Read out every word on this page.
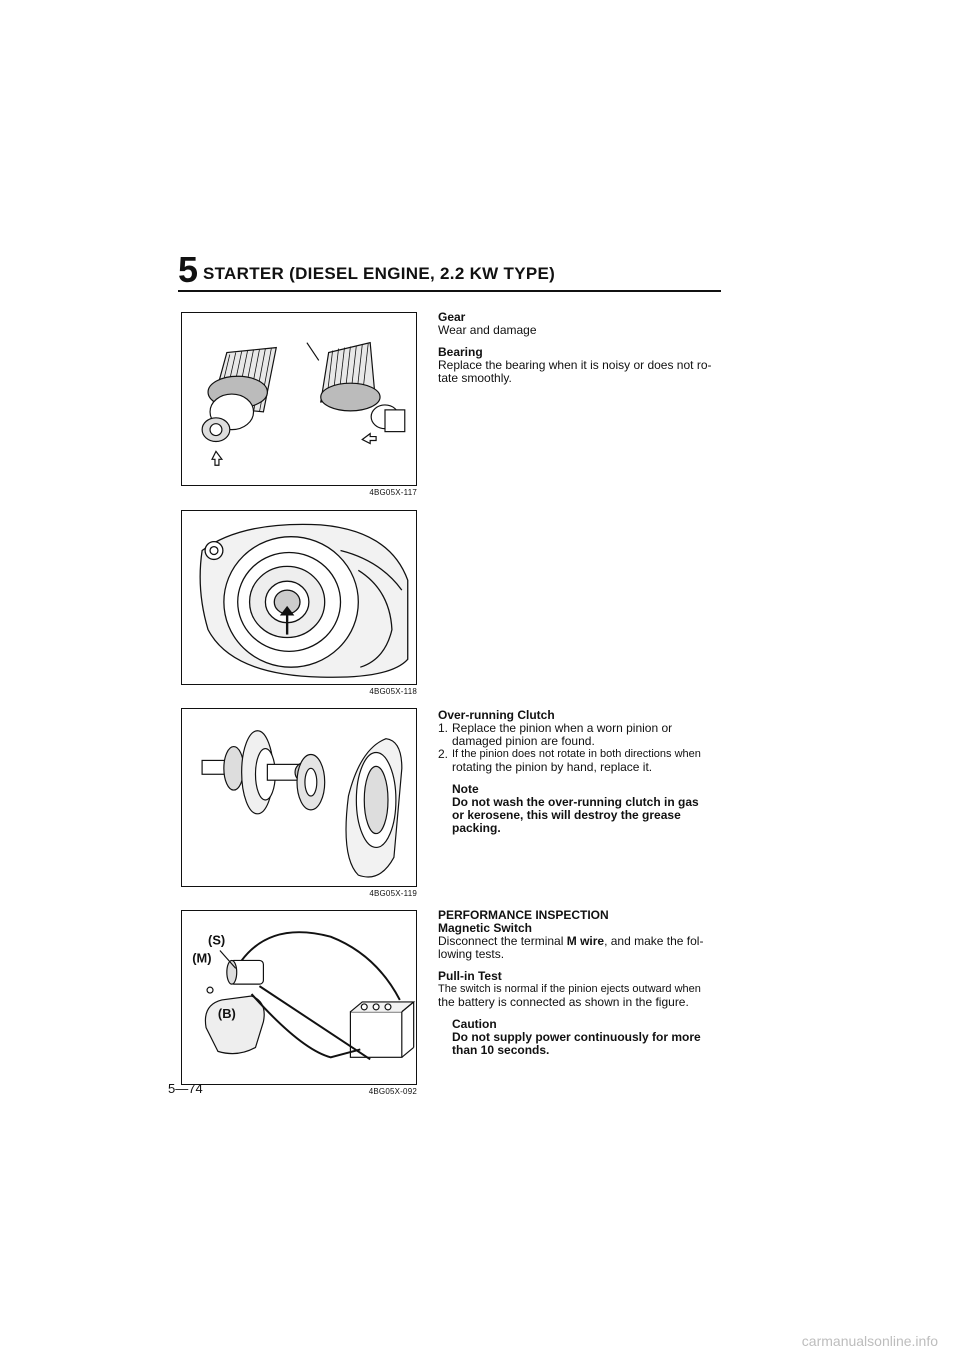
5 STARTER (DIESEL ENGINE, 2.2 KW TYPE)
4BG05X-117
4BG05X-118
4BG05X-119
(S)
(M)
(B)
4BG05X-092

Gear

Wear and damage

Bearing

Replace the bearing when it is noisy or does not ro-

tate smoothly.

Over-running Clutch

1. Replace the pinion when a worn pinion or

damaged pinion are found.

2. If the pinion does not rotate in both directions when

rotating the pinion by hand, replace it.

Note

Do not wash the over-running clutch in gas

or kerosene, this will destroy the grease

packing.

PERFORMANCE INSPECTION

Magnetic Switch

Disconnect the terminal M wire, and make the fol-

lowing tests.

Pull-in Test

The switch is normal if the pinion ejects outward when

the battery is connected as shown in the figure.

Caution

Do not supply power continuously for more

than 10 seconds.

5—74
carmanualsonline.info
